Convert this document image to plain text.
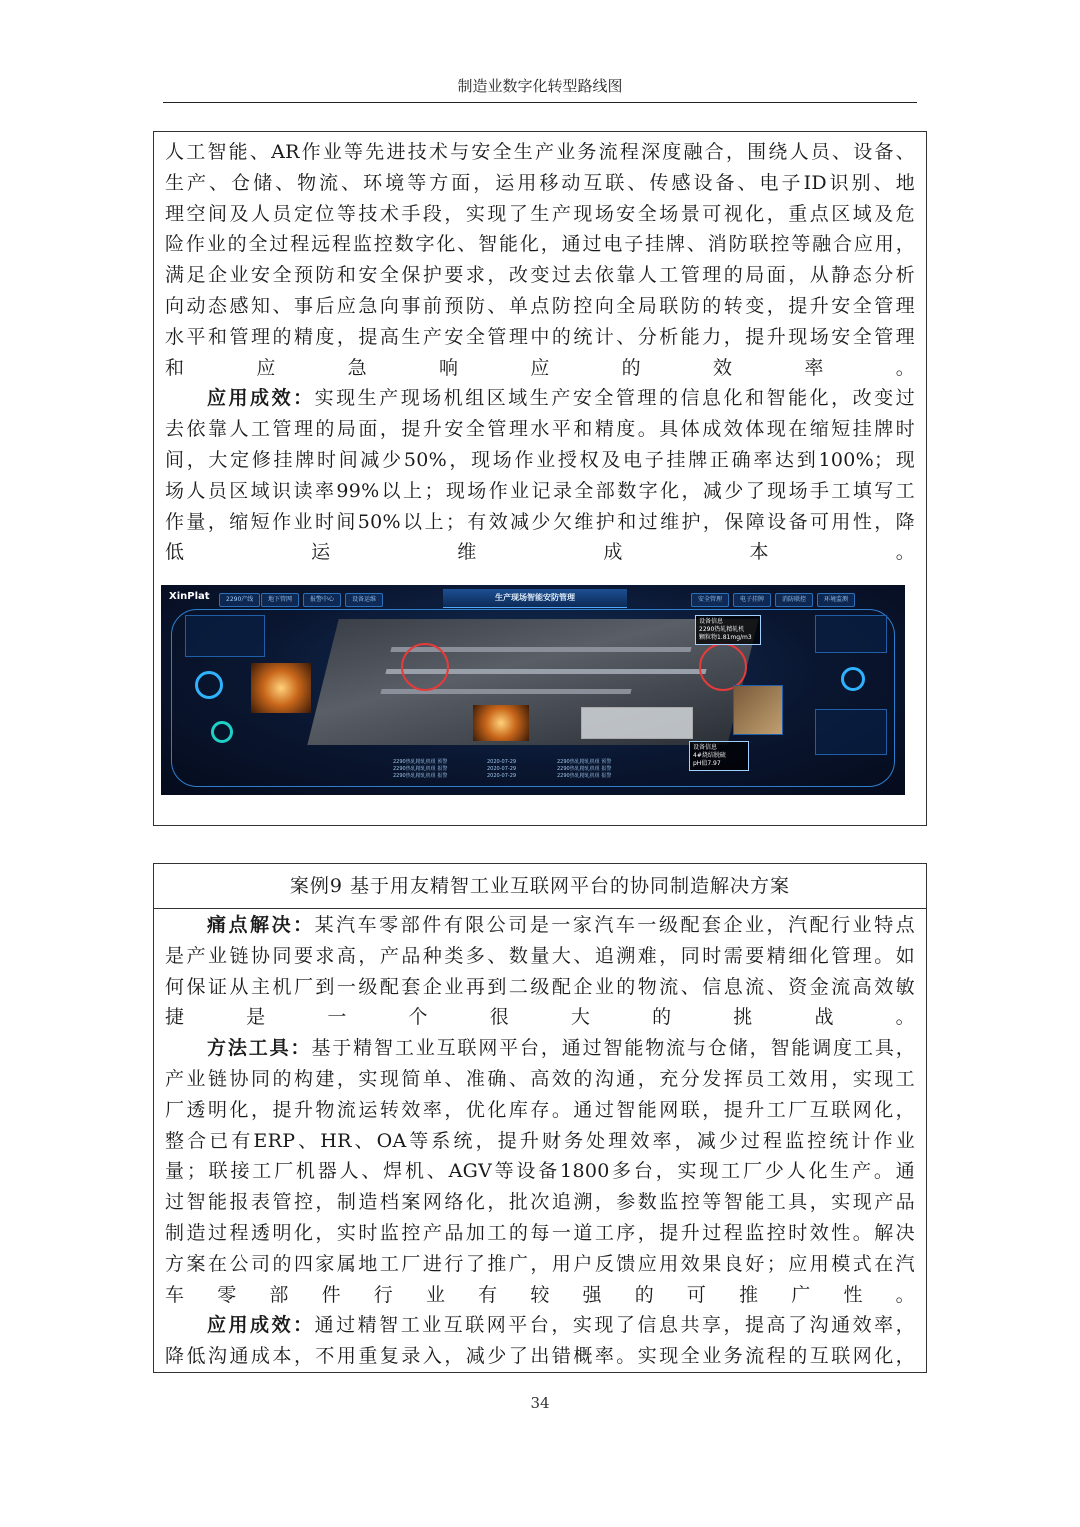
制造业数字化转型路线图
人工智能、AR作业等先进技术与安全生产业务流程深度融合，围绕人员、设备、
生产、仓储、物流、环境等方面，运用移动互联、传感设备、电子ID识别、地
理空间及人员定位等技术手段，实现了生产现场安全场景可视化，重点区域及危
险作业的全过程远程监控数字化、智能化，通过电子挂牌、消防联控等融合应用，
满足企业安全预防和安全保护要求，改变过去依靠人工管理的局面，从静态分析
向动态感知、事后应急向事前预防、单点防控向全局联防的转变，提升安全管理
水平和管理的精度，提高生产安全管理中的统计、分析能力，提升现场安全管理
和应急响应的效率。
应用成效：实现生产现场机组区域生产安全管理的信息化和智能化，改变过
去依靠人工管理的局面，提升安全管理水平和精度。具体成效体现在缩短挂牌时
间，大定修挂牌时间减少50%，现场作业授权及电子挂牌正确率达到100%；现
场人员区域识读率99%以上；现场作业记录全部数字化，减少了现场手工填写工
作量，缩短作业时间50%以上；有效减少欠维护和过维护，保障设备可用性，降
低运维成本。
XinPlat	2290产线	地下管网	报警中心	设备运维	生产现场智能安防管理	安全管理	电子挂牌	消防联控	环境监测
设备信息
2290热轧精轧机
颗粒物1.81mg/m3
设备信息
4#烧结脱硫
pH值7.97
2290热轧精轧机组 预警
2290热轧精轧机组 报警
2290热轧精轧机组 报警
2020-07-29
2020-07-29
2020-07-29
2290热轧精轧机组 预警
2290热轧精轧机组 报警
2290热轧精轧机组 报警
案例9 基于用友精智工业互联网平台的协同制造解决方案
痛点解决：某汽车零部件有限公司是一家汽车一级配套企业，汽配行业特点
是产业链协同要求高，产品种类多、数量大、追溯难，同时需要精细化管理。如
何保证从主机厂到一级配套企业再到二级配企业的物流、信息流、资金流高效敏
捷是一个很大的挑战。
方法工具：基于精智工业互联网平台，通过智能物流与仓储，智能调度工具，
产业链协同的构建，实现简单、准确、高效的沟通，充分发挥员工效用，实现工
厂透明化，提升物流运转效率，优化库存。通过智能网联，提升工厂互联网化，
整合已有ERP、HR、OA等系统，提升财务处理效率，减少过程监控统计作业
量；联接工厂机器人、焊机、AGV等设备1800多台，实现工厂少人化生产。通
过智能报表管控，制造档案网络化，批次追溯，参数监控等智能工具，实现产品
制造过程透明化，实时监控产品加工的每一道工序，提升过程监控时效性。解决
方案在公司的四家属地工厂进行了推广，用户反馈应用效果良好；应用模式在汽
车零部件行业有较强的可推广性。
应用成效：通过精智工业互联网平台，实现了信息共享，提高了沟通效率，
降低沟通成本，不用重复录入，减少了出错概率。实现全业务流程的互联网化，
34
